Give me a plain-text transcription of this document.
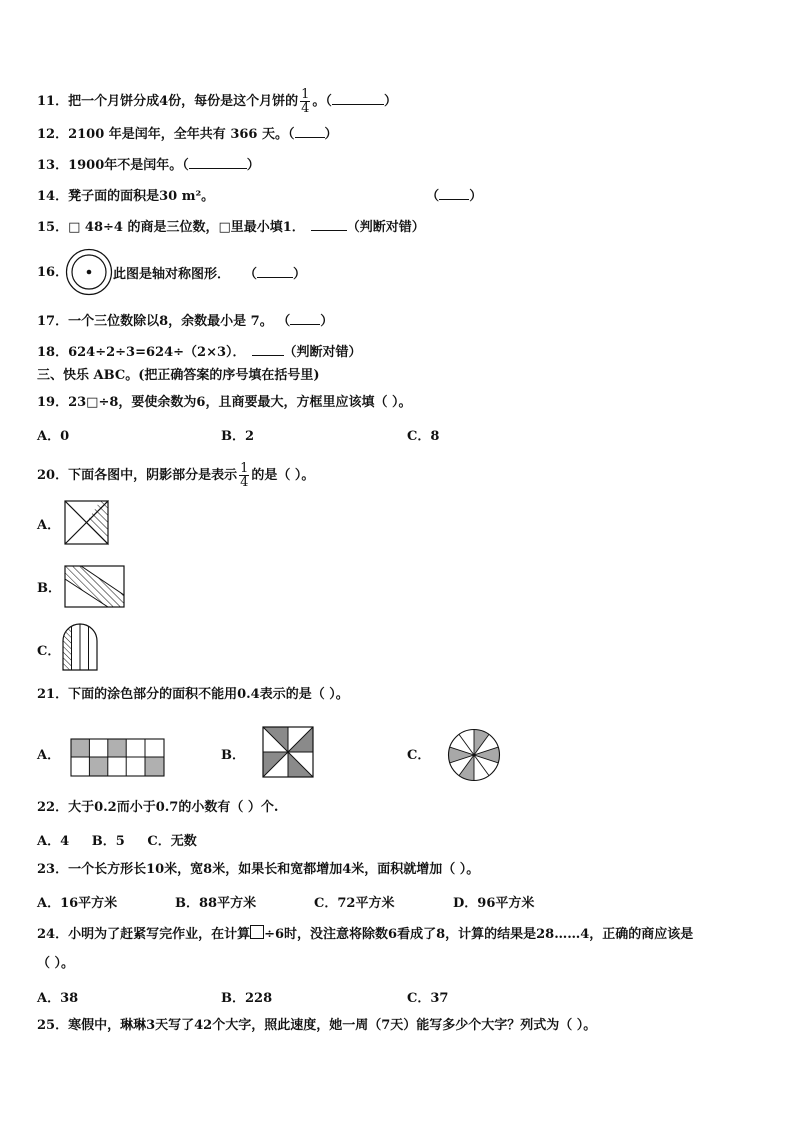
11．把一个月饼分成4份，每份是这个月饼的 $\frac{1}{4}$ 。（	）
12．2100 年是闰年，全年共有 366 天。（ ）
13．1900年不是闰年。（	）
14．凳子面的面积是30 m²。	（ ）
15．□ 48÷4 的商是三位数，□里最小填1．	（判断对错）
16．	此图是轴对称图形． （	）
17．一个三位数除以8，余数最小是 7。 （ ）
18．624÷2÷3=624÷（2×3）．	（判断对错）
三、快乐 ABC。(把正确答案的序号填在括号里)
19．23□÷8，要使余数为6，且商要最大，方框里应该填（ ）。
A．0	B．2	C．8
20．下面各图中，阴影部分是表示 $\frac{1}{4}$ 的是（ ）。
A．
B．
C．
21．下面的涂色部分的面积不能用0.4表示的是（ ）。
A．	B．	C．
22．大于0.2而小于0.7的小数有（ ）个.
A．4     B．5     C．无数
23．一个长方形长10米，宽8米，如果长和宽都增加4米，面积就增加（ ）。
A．16平方米	B．88平方米	C．72平方米	D．96平方米
24．小明为了赶紧写完作业，在计算 ÷6时，没注意将除数6看成了8，计算的结果是28……4，正确的商应该是
（ ）。
A．38	B．228	C．37
25．寒假中，琳琳3天写了42个大字，照此速度，她一周（7天）能写多少个大字？列式为（ ）。
